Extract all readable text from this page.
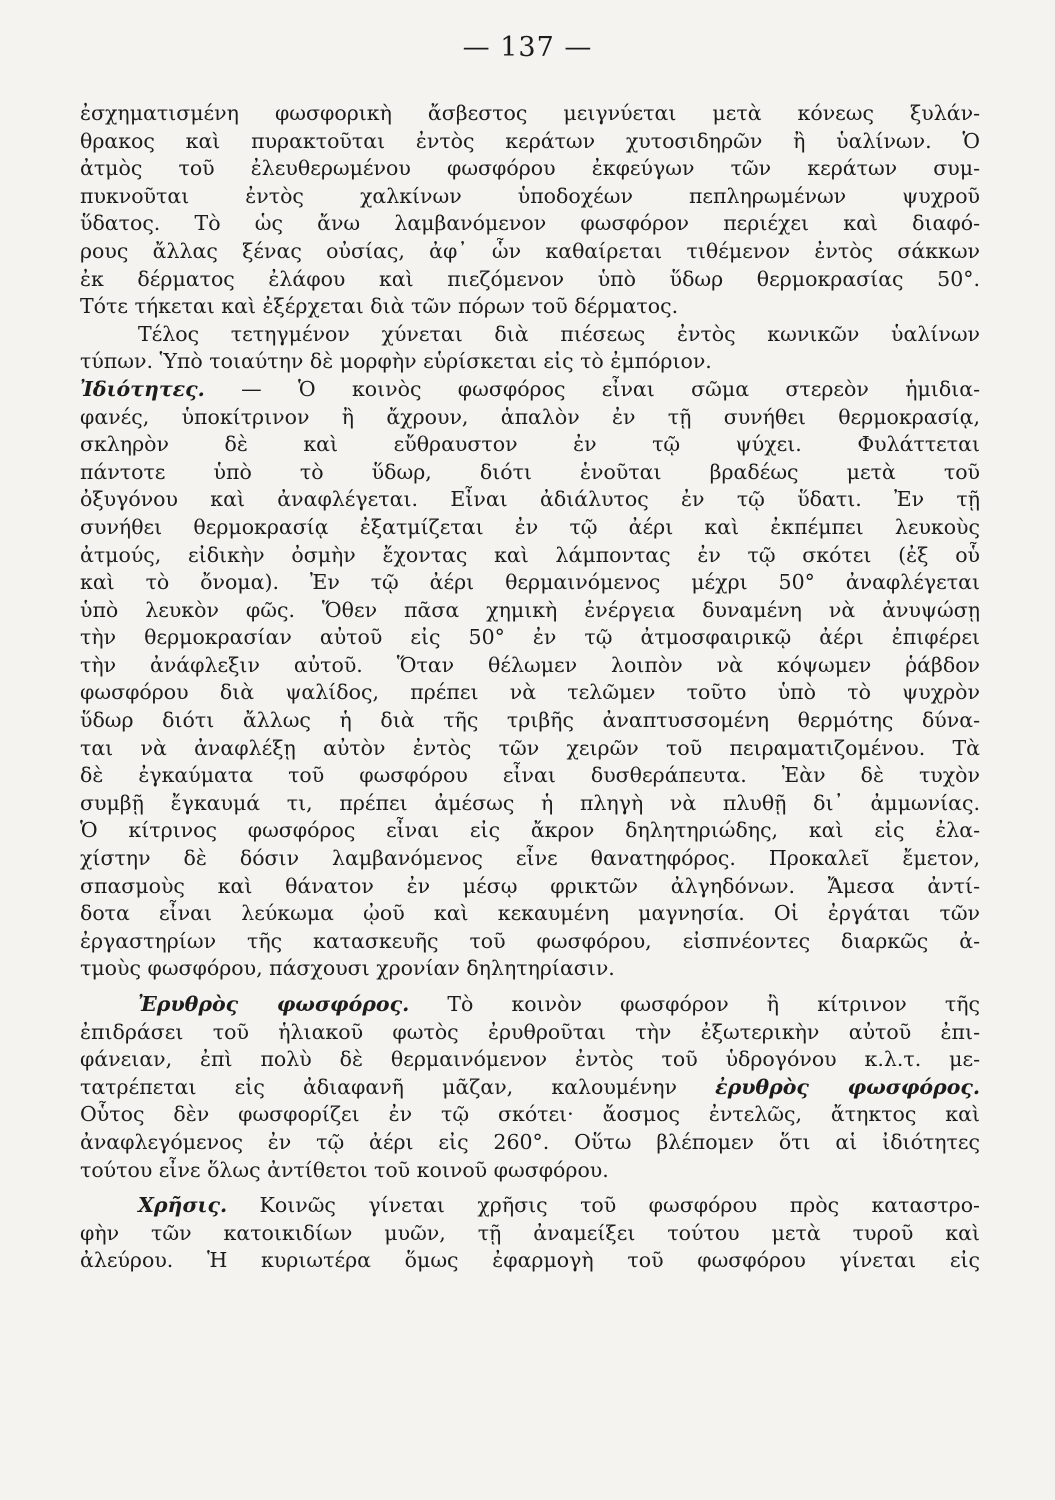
— 137 —
ἐσχηματισμένη φωσφορικὴ ἄσβεστος μειγνύεται μετὰ κόνεως ξυλάν-
θρακος καὶ πυρακτοῦται ἐντὸς κεράτων χυτοσιδηρῶν ἢ ὑαλίνων. Ὁ
ἀτμὸς τοῦ ἐλευθερωμένου φωσφόρου ἐκφεύγων τῶν κεράτων συμ-
πυκνοῦται ἐντὸς χαλκίνων ὑποδοχέων πεπληρωμένων ψυχροῦ
ὕδατος. Τὸ ὡς ἄνω λαμβανόμενον φωσφόρον περιέχει καὶ διαφό-
ρους ἄλλας ξένας οὐσίας, ἀφ᾿ ὧν καθαίρεται τιθέμενον ἐντὸς σάκκων
ἐκ δέρματος ἐλάφου καὶ πιεζόμενον ὑπὸ ὕδωρ θερμοκρασίας 50°.
Τότε τήκεται καὶ ἐξέρχεται διὰ τῶν πόρων τοῦ δέρματος.
Τέλος τετηγμένον χύνεται διὰ πιέσεως ἐντὸς κωνικῶν ὑαλίνων
τύπων. Ὑπὸ τοιαύτην δὲ μορφὴν εὑρίσκεται εἰς τὸ ἐμπόριον.
Ἰδιότητες. — Ὁ κοινὸς φωσφόρος εἶναι σῶμα στερεὸν ἡμιδια-
φανές, ὑποκίτρινον ἢ ἄχρουν, ἁπαλὸν ἐν τῇ συνήθει θερμοκρασίᾳ,
σκληρὸν δὲ καὶ εὔθραυστον ἐν τῷ ψύχει. Φυλάττεται
πάντοτε ὑπὸ τὸ ὕδωρ, διότι ἑνοῦται βραδέως μετὰ τοῦ
ὀξυγόνου καὶ ἀναφλέγεται. Εἶναι ἀδιάλυτος ἐν τῷ ὕδατι. Ἐν τῇ
συνήθει θερμοκρασίᾳ ἐξατμίζεται ἐν τῷ ἀέρι καὶ ἐκπέμπει λευκοὺς
ἀτμούς, εἰδικὴν ὀσμὴν ἔχοντας καὶ λάμποντας ἐν τῷ σκότει (ἐξ οὗ
καὶ τὸ ὄνομα). Ἐν τῷ ἀέρι θερμαινόμενος μέχρι 50° ἀναφλέγεται
ὑπὸ λευκὸν φῶς. Ὅθεν πᾶσα χημικὴ ἐνέργεια δυναμένη νὰ ἀνυψώσῃ
τὴν θερμοκρασίαν αὐτοῦ εἰς 50° ἐν τῷ ἀτμοσφαιρικῷ ἀέρι ἐπιφέρει
τὴν ἀνάφλεξιν αὐτοῦ. Ὅταν θέλωμεν λοιπὸν νὰ κόψωμεν ῥάβδον
φωσφόρου διὰ ψαλίδος, πρέπει νὰ τελῶμεν τοῦτο ὑπὸ τὸ ψυχρὸν
ὕδωρ διότι ἄλλως ἡ διὰ τῆς τριβῆς ἀναπτυσσομένη θερμότης δύνα-
ται νὰ ἀναφλέξῃ αὐτὸν ἐντὸς τῶν χειρῶν τοῦ πειραματιζομένου. Τὰ
δὲ ἐγκαύματα τοῦ φωσφόρου εἶναι δυσθεράπευτα. Ἐὰν δὲ τυχὸν
συμβῇ ἔγκαυμά τι, πρέπει ἀμέσως ἡ πληγὴ νὰ πλυθῇ δι᾿ ἀμμωνίας.
Ὁ κίτρινος φωσφόρος εἶναι εἰς ἄκρον δηλητηριώδης, καὶ εἰς ἐλα-
χίστην δὲ δόσιν λαμβανόμενος εἶνε θανατηφόρος. Προκαλεῖ ἔμετον,
σπασμοὺς καὶ θάνατον ἐν μέσῳ φρικτῶν ἀλγηδόνων. Ἄμεσα ἀντί-
δοτα εἶναι λεύκωμα ᾠοῦ καὶ κεκαυμένη μαγνησία. Οἱ ἐργάται τῶν
ἐργαστηρίων τῆς κατασκευῆς τοῦ φωσφόρου, εἰσπνέοντες διαρκῶς ἀ-
τμοὺς φωσφόρου, πάσχουσι χρονίαν δηλητηρίασιν.
Ἐρυθρὸς φωσφόρος. Τὸ κοινὸν φωσφόρον ἢ κίτρινον τῆς
ἐπιδράσει τοῦ ἡλιακοῦ φωτὸς ἐρυθροῦται τὴν ἐξωτερικὴν αὐτοῦ ἐπι-
φάνειαν, ἐπὶ πολὺ δὲ θερμαινόμενον ἐντὸς τοῦ ὑδρογόνου κ.λ.τ. με-
τατρέπεται εἰς ἀδιαφανῆ μᾶζαν, καλουμένην ἐρυθρὸς φωσφόρος.
Οὗτος δὲν φωσφορίζει ἐν τῷ σκότει· ἄοσμος ἐντελῶς, ἄτηκτος καὶ
ἀναφλεγόμενος ἐν τῷ ἀέρι εἰς 260°. Οὕτω βλέπομεν ὅτι αἱ ἰδιότητες
τούτου εἶνε ὅλως ἀντίθετοι τοῦ κοινοῦ φωσφόρου.
Χρῆσις. Κοινῶς γίνεται χρῆσις τοῦ φωσφόρου πρὸς καταστρο-
φὴν τῶν κατοικιδίων μυῶν, τῇ ἀναμείξει τούτου μετὰ τυροῦ καὶ
ἀλεύρου. Ἡ κυριωτέρα ὅμως ἐφαρμογὴ τοῦ φωσφόρου γίνεται εἰς
